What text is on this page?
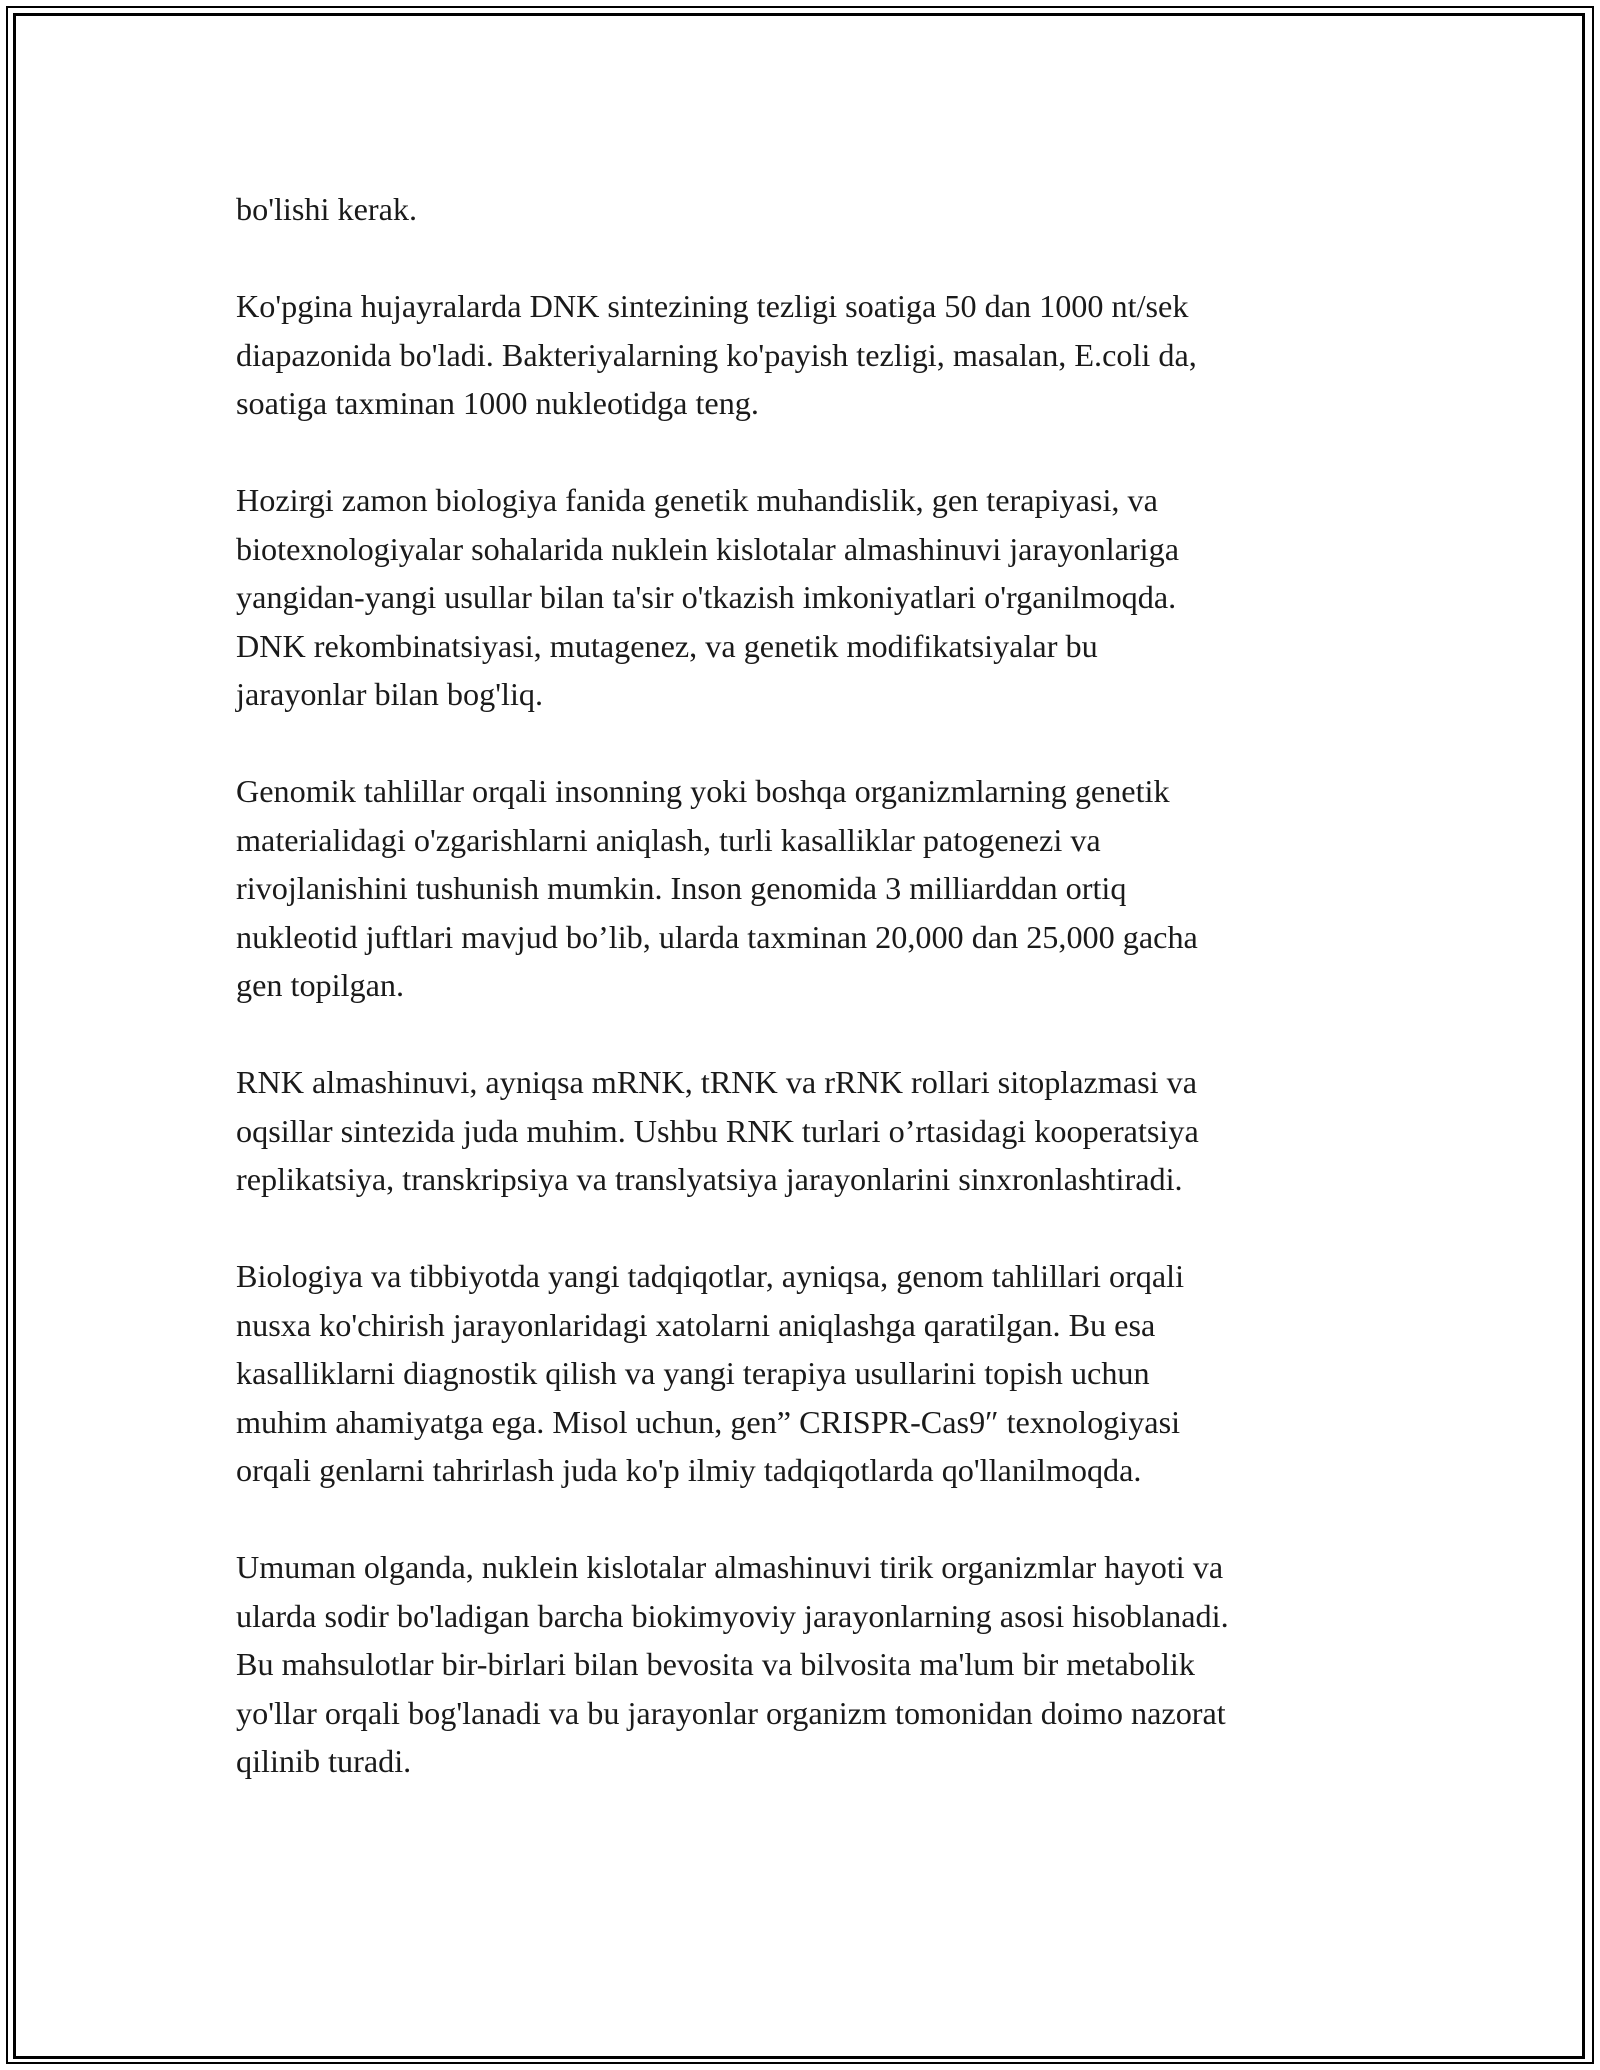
bo'lishi kerak.

Ko'pgina hujayralarda DNK sintezining tezligi soatiga 50 dan 1000 nt/sek
diapazonida bo'ladi. Bakteriyalarning ko'payish tezligi, masalan, E.coli da,
soatiga taxminan 1000 nukleotidga teng.

Hozirgi zamon biologiya fanida genetik muhandislik, gen terapiyasi, va
biotexnologiyalar sohalarida nuklein kislotalar almashinuvi jarayonlariga
yangidan-yangi usullar bilan ta'sir o'tkazish imkoniyatlari o'rganilmoqda.
DNK rekombinatsiyasi, mutagenez, va genetik modifikatsiyalar bu
jarayonlar bilan bog'liq.

Genomik tahlillar orqali insonning yoki boshqa organizmlarning genetik
materialidagi o'zgarishlarni aniqlash, turli kasalliklar patogenezi va
rivojlanishini tushunish mumkin. Inson genomida 3 milliarddan ortiq
nukleotid juftlari mavjud bo’lib, ularda taxminan 20,000 dan 25,000 gacha
gen topilgan.

RNK almashinuvi, ayniqsa mRNK, tRNK va rRNK rollari sitoplazmasi va
oqsillar sintezida juda muhim. Ushbu RNK turlari o’rtasidagi kooperatsiya
replikatsiya, transkripsiya va translyatsiya jarayonlarini sinxronlashtiradi.

Biologiya va tibbiyotda yangi tadqiqotlar, ayniqsa, genom tahlillari orqali
nusxa ko'chirish jarayonlaridagi xatolarni aniqlashga qaratilgan. Bu esa
kasalliklarni diagnostik qilish va yangi terapiya usullarini topish uchun
muhim ahamiyatga ega. Misol uchun, gen” CRISPR-Cas9″ texnologiyasi
orqali genlarni tahrirlash juda ko'p ilmiy tadqiqotlarda qo'llanilmoqda.

Umuman olganda, nuklein kislotalar almashinuvi tirik organizmlar hayoti va
ularda sodir bo'ladigan barcha biokimyoviy jarayonlarning asosi hisoblanadi.
Bu mahsulotlar bir-birlari bilan bevosita va bilvosita ma'lum bir metabolik
yo'llar orqali bog'lanadi va bu jarayonlar organizm tomonidan doimo nazorat
qilinib turadi.
